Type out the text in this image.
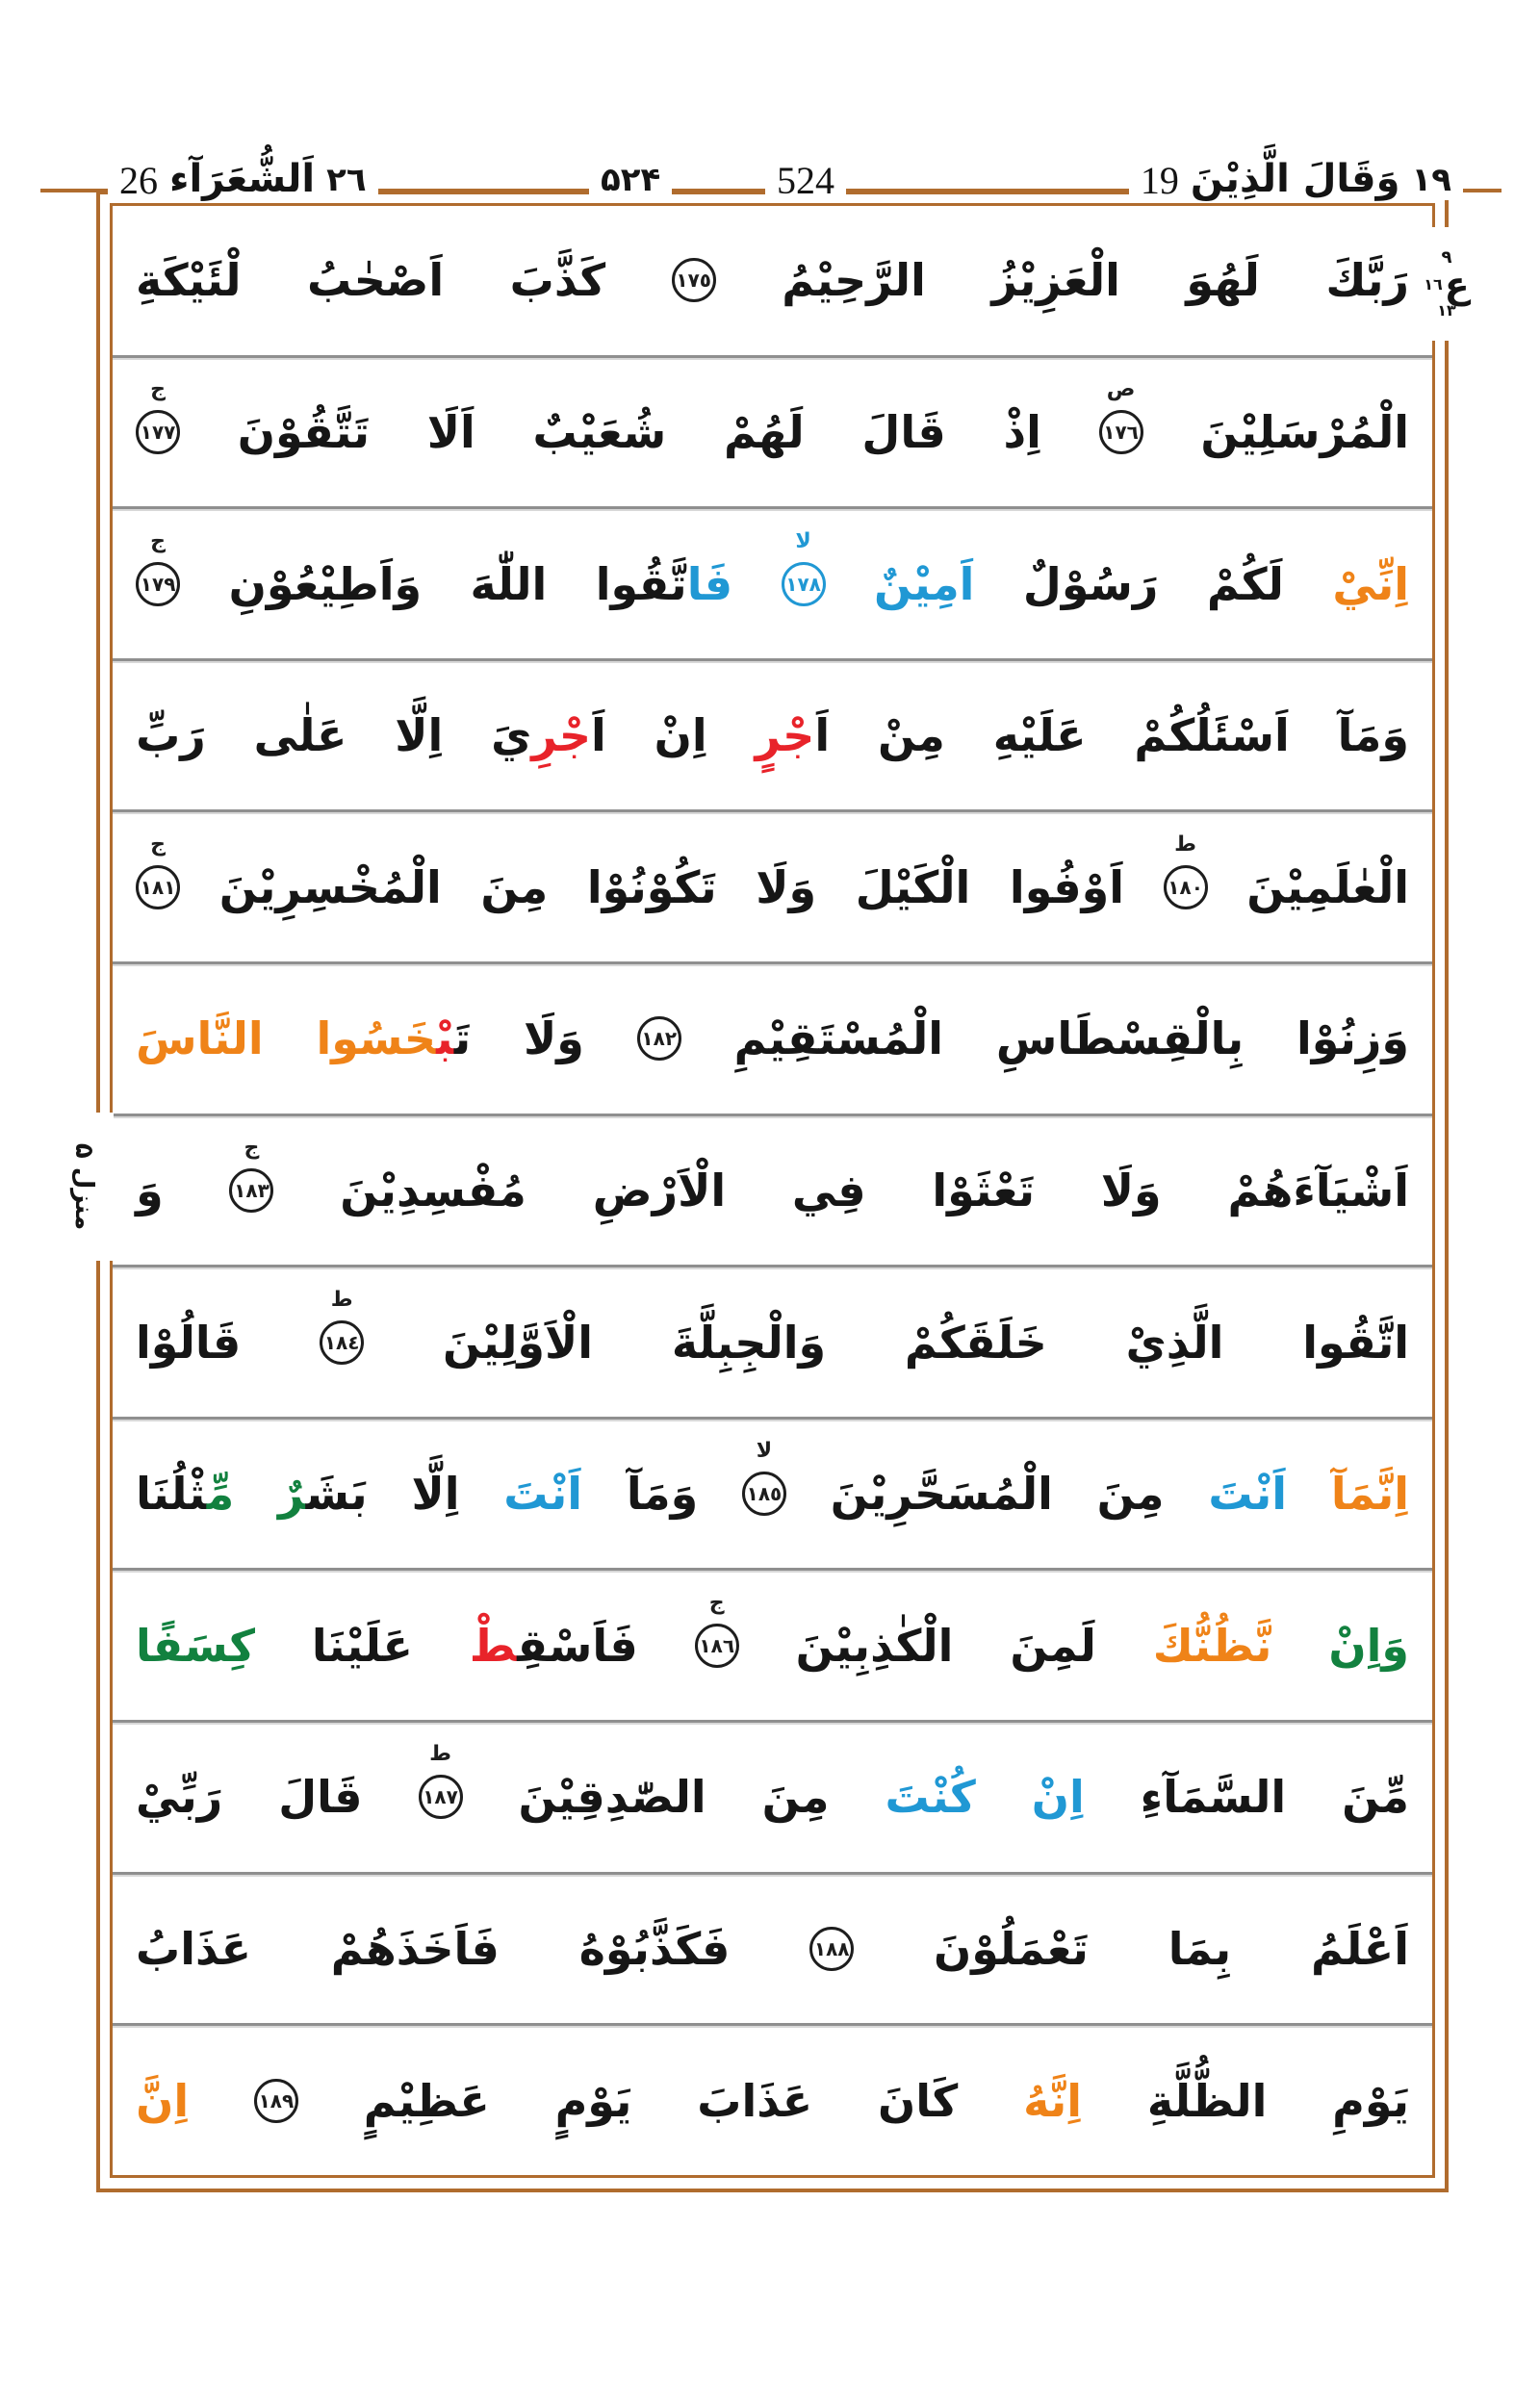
26 اَلشُّعَرَآء ٢٦	۵۲۴	524	19 وَقَالَ الَّذِيْنَ ١٩
رَبَّكَ
لَهُوَ
الْعَزِيْزُ
الرَّحِيْمُ
١٧٥
كَذَّبَ
اَصْحٰبُ
لْئَيْكَةِ
الْمُرْسَلِيْنَ
ص
١٧٦
اِذْ
قَالَ
لَهُمْ
شُعَيْبٌ
اَلَا
تَتَّقُوْنَ
ج
١٧٧
اِنِّيْ
لَكُمْ
رَسُوْلٌ
اَمِيْنٌ
لا
١٧٨
فَاتَّقُوا
اللّٰهَ
وَاَطِيْعُوْنِ
ج
١٧٩
وَمَآ
اَسْئَلُكُمْ
عَلَيْهِ
مِنْ
اَجْرٍ
اِنْ
اَجْرِيَ
اِلَّا
عَلٰى
رَبِّ
الْعٰلَمِيْنَ
ط
١٨٠
اَوْفُوا
الْكَيْلَ
وَلَا
تَكُوْنُوْا
مِنَ
الْمُخْسِرِيْنَ
ج
١٨١
وَزِنُوْا
بِالْقِسْطَاسِ
الْمُسْتَقِيْمِ
١٨٢
وَلَا
تَ‍‍بْ‍‍خَسُوا
النَّاسَ
اَشْيَآءَهُمْ
وَلَا
تَعْثَوْا
فِي
الْاَرْضِ
مُفْسِدِيْنَ
ج
١٨٣
وَ
اتَّقُوا
الَّذِيْ
خَلَقَكُمْ
وَالْجِبِلَّةَ
الْاَوَّلِيْنَ
ط
١٨٤
قَالُوْا
اِنَّمَآ
اَنْتَ
مِنَ
الْمُسَحَّرِيْنَ
لا
١٨٥
وَمَآ
اَنْتَ
اِلَّا
بَشَ‍‍رٌ
مِّ‍‍ثْلُنَا
وَاِنْ
نَّظُنُّكَ
لَمِنَ
الْكٰذِبِيْنَ
ج
١٨٦
فَاَسْقِ‍‍طْ
عَلَيْنَا
كِسَفًا
مِّنَ
السَّمَآءِ
اِنْ
كُنْتَ
مِنَ
الصّٰدِقِيْنَ
ط
١٨٧
قَالَ
رَبِّيْ
اَعْلَمُ
بِمَا
تَعْمَلُوْنَ
١٨٨
فَكَذَّبُوْهُ
فَاَخَذَهُمْ
عَذَابُ
يَوْمِ
الظُّلَّةِ
اِنَّهُ
كَانَ
عَذَابَ
يَوْمٍ
عَظِيْمٍ
١٨٩
اِنَّ
٩
١٦ ع
١٣
منزل ۵
